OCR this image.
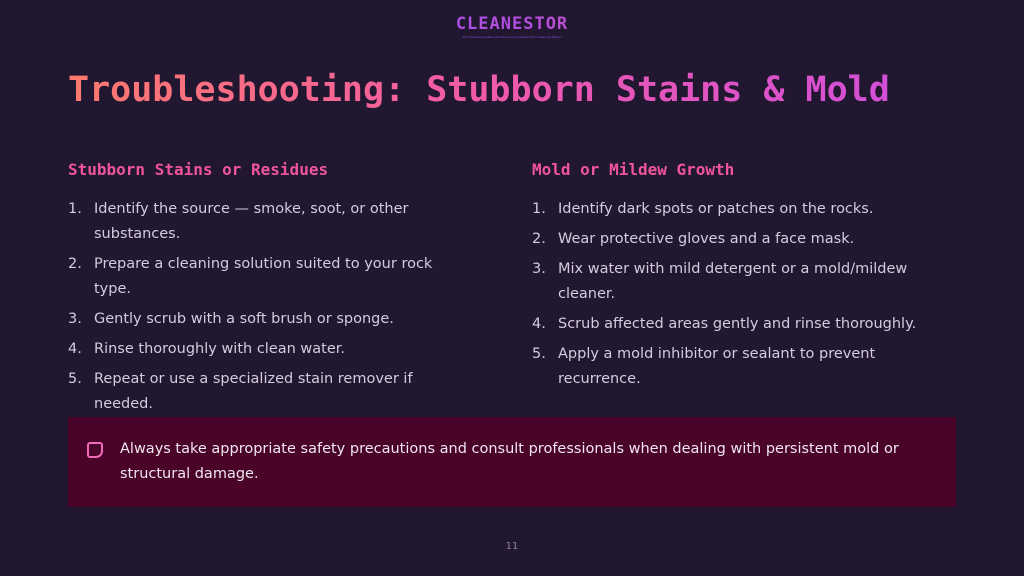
CLEANESTOR
Pro Cleaning Guides And Service Journalism From Cleaning Nation
Troubleshooting: Stubborn Stains & Mold
Stubborn Stains or Residues
1. Identify the source — smoke, soot, or other substances.
2. Prepare a cleaning solution suited to your rock type.
3. Gently scrub with a soft brush or sponge.
4. Rinse thoroughly with clean water.
5. Repeat or use a specialized stain remover if needed.
Mold or Mildew Growth
1. Identify dark spots or patches on the rocks.
2. Wear protective gloves and a face mask.
3. Mix water with mild detergent or a mold/mildew cleaner.
4. Scrub affected areas gently and rinse thoroughly.
5. Apply a mold inhibitor or sealant to prevent recurrence.
Always take appropriate safety precautions and consult professionals when dealing with persistent mold or structural damage.
11
